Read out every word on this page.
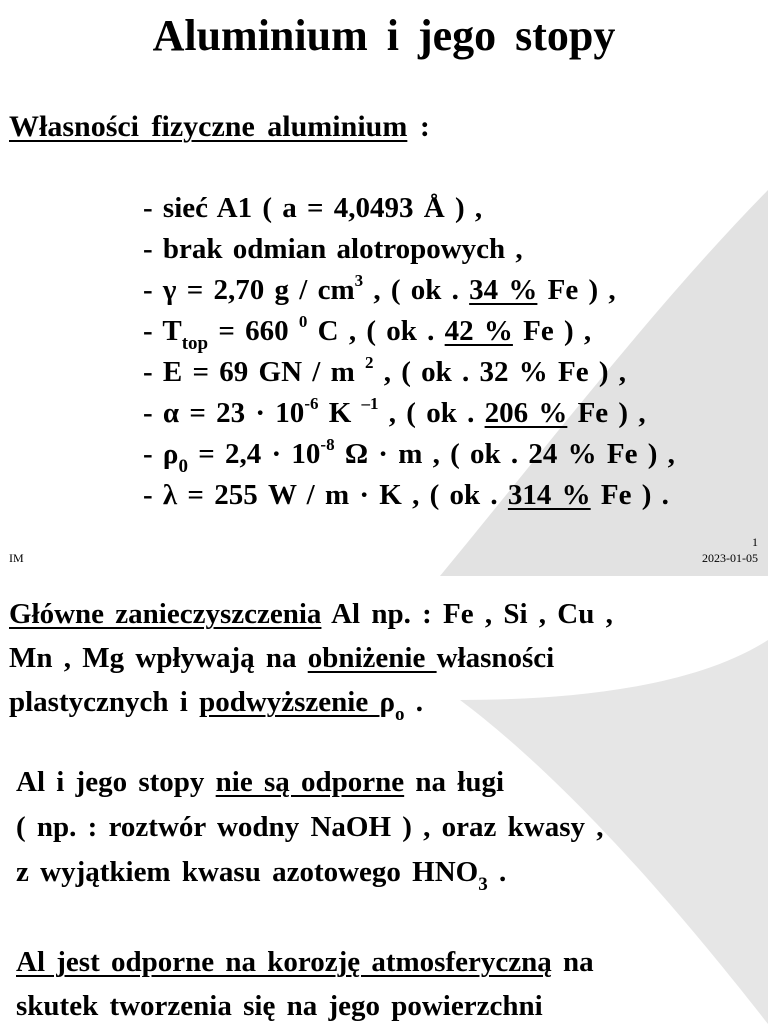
Aluminium i jego stopy
Własności fizyczne aluminium :
- sieć A1 ( a = 4,0493 Å ) ,
- brak odmian alotropowych ,
- γ = 2,70 g / $cm^3$ , ( ok . 34 % Fe ) ,
- $T_{top} = 660$ $^0$ C , ( ok . 42 % Fe ) ,
- E = 69 GN / m $^2$ , ( ok . 32 % Fe ) ,
- $\alpha = 23 \cdot 10^{-6}$ K $^{-1}$ , ( ok . 206 % Fe ) ,
- $\rho_0 = 2,4 \cdot 10^{-8}$ Ω · m , ( ok . 24 % Fe ) ,
- λ = 255 W / m · K , ( ok . 314 % Fe ) .
IM
1
2023-01-05
Główne zanieczyszczenia Al np. : Fe , Si , Cu ,
Mn , Mg wpływają na obniżenie własności
plastycznych i podwyższenie $\rho_o$ .
Al i jego stopy nie są odporne na ługi
( np. : roztwór wodny NaOH ) , oraz kwasy ,
z wyjątkiem kwasu azotowego $HNO_3$ .
Al jest odporne na korozję atmosferyczną na
skutek tworzenia się na jego powierzchni
